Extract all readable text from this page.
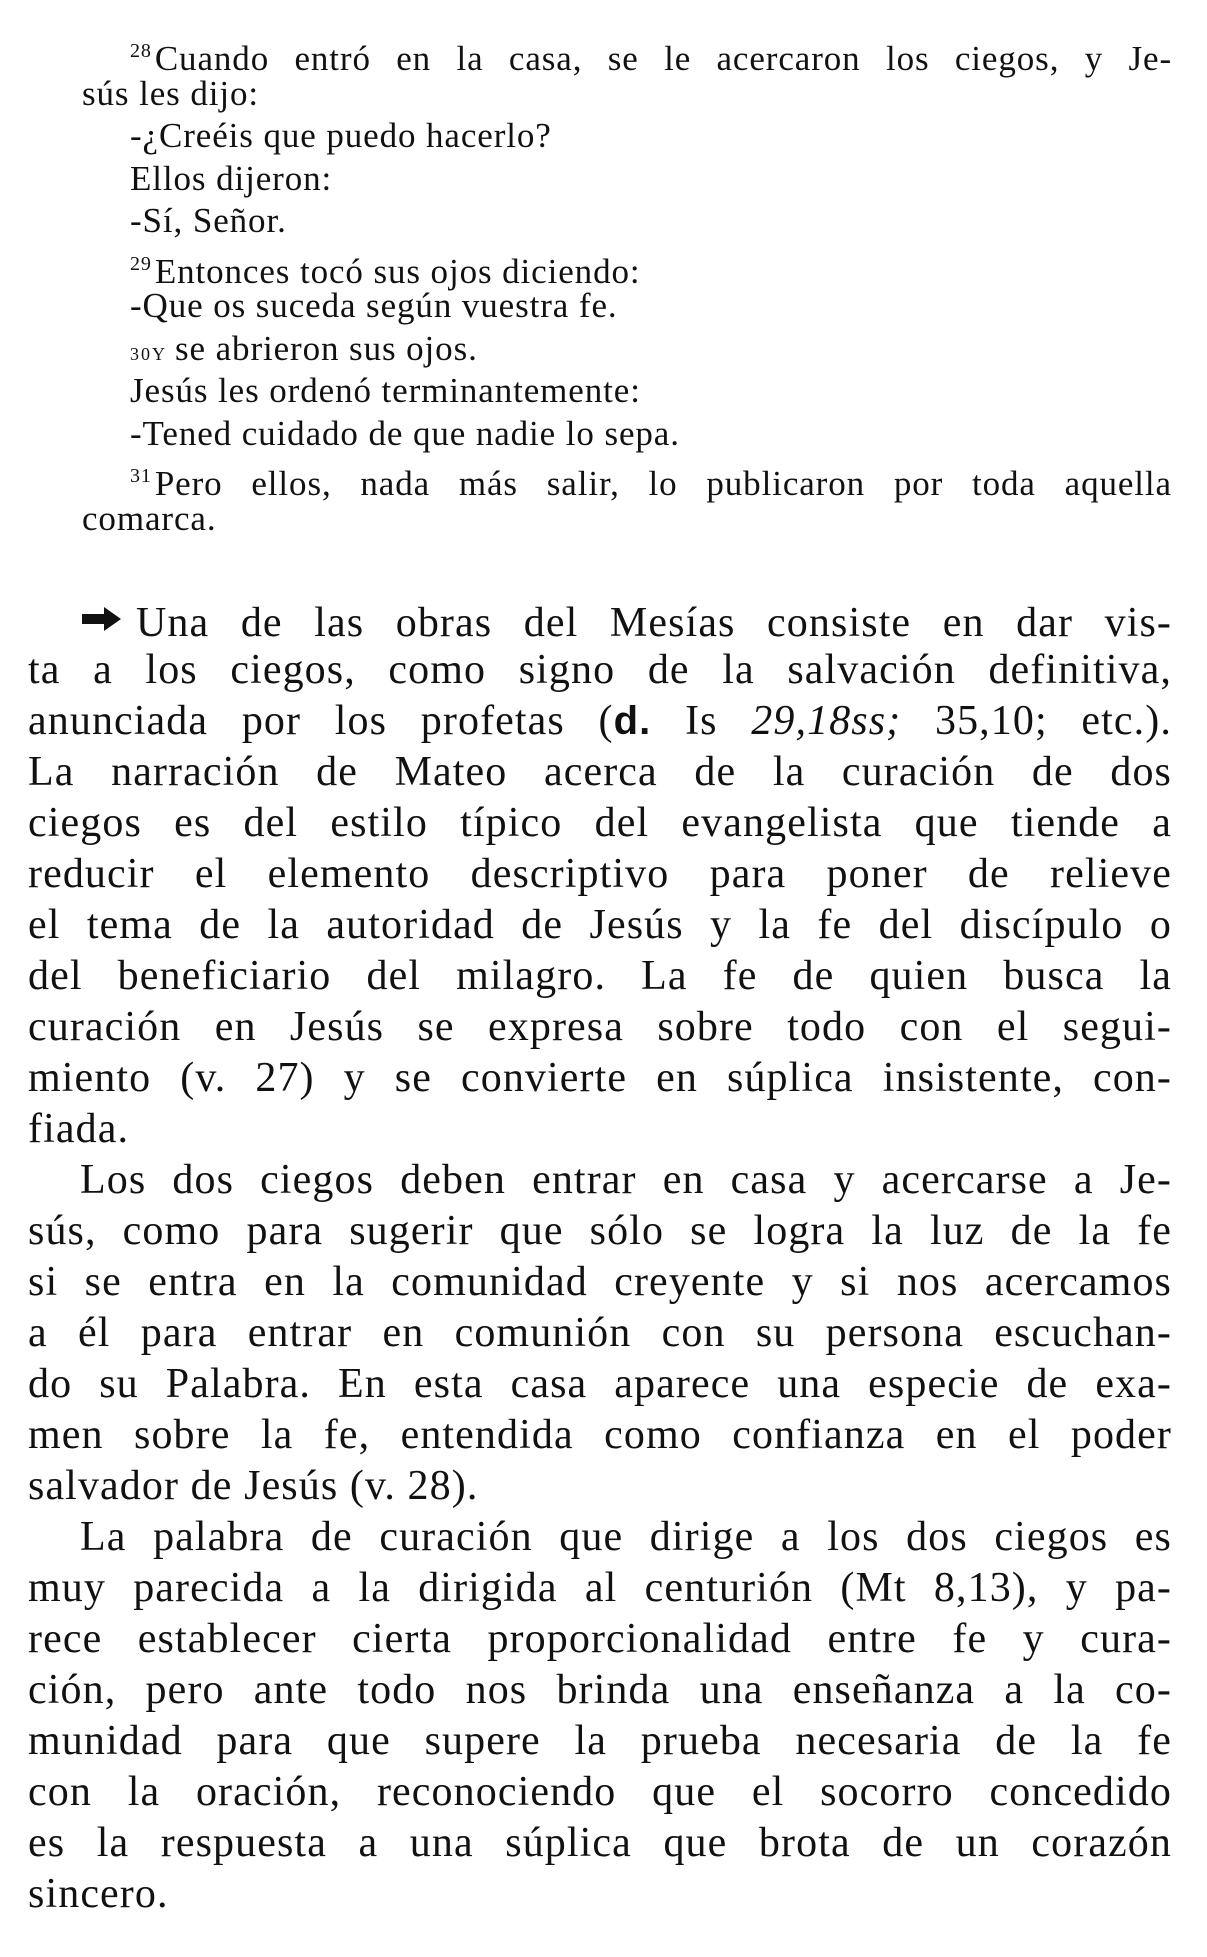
$^{28}$Cuando entró en la casa, se le acercaron los ciegos, y Je-
sús les dijo:
-¿Creéis que puedo hacerlo?
Ellos dijeron:
-Sí, Señor.
$^{29}$Entonces tocó sus ojos diciendo:
-Que os suceda según vuestra fe.
30Y se abrieron sus ojos.
Jesús les ordenó terminantemente:
-Tened cuidado de que nadie lo sepa.
$^{31}$Pero ellos, nada más salir, lo publicaron por toda aquella
comarca.
Una de las obras del Mesías consiste en dar vis-
ta a los ciegos, como signo de la salvación definitiva,
anunciada por los profetas (d. Is 29,18ss; 35,10; etc.).
La narración de Mateo acerca de la curación de dos
ciegos es del estilo típico del evangelista que tiende a
reducir el elemento descriptivo para poner de relieve
el tema de la autoridad de Jesús y la fe del discípulo o
del beneficiario del milagro. La fe de quien busca la
curación en Jesús se expresa sobre todo con el segui-
miento (v. 27) y se convierte en súplica insistente, con-
fiada.
Los dos ciegos deben entrar en casa y acercarse a Je-
sús, como para sugerir que sólo se logra la luz de la fe
si se entra en la comunidad creyente y si nos acercamos
a él para entrar en comunión con su persona escuchan-
do su Palabra. En esta casa aparece una especie de exa-
men sobre la fe, entendida como confianza en el poder
salvador de Jesús (v. 28).
La palabra de curación que dirige a los dos ciegos es
muy parecida a la dirigida al centurión (Mt 8,13), y pa-
rece establecer cierta proporcionalidad entre fe y cura-
ción, pero ante todo nos brinda una enseñanza a la co-
munidad para que supere la prueba necesaria de la fe
con la oración, reconociendo que el socorro concedido
es la respuesta a una súplica que brota de un corazón
sincero.
